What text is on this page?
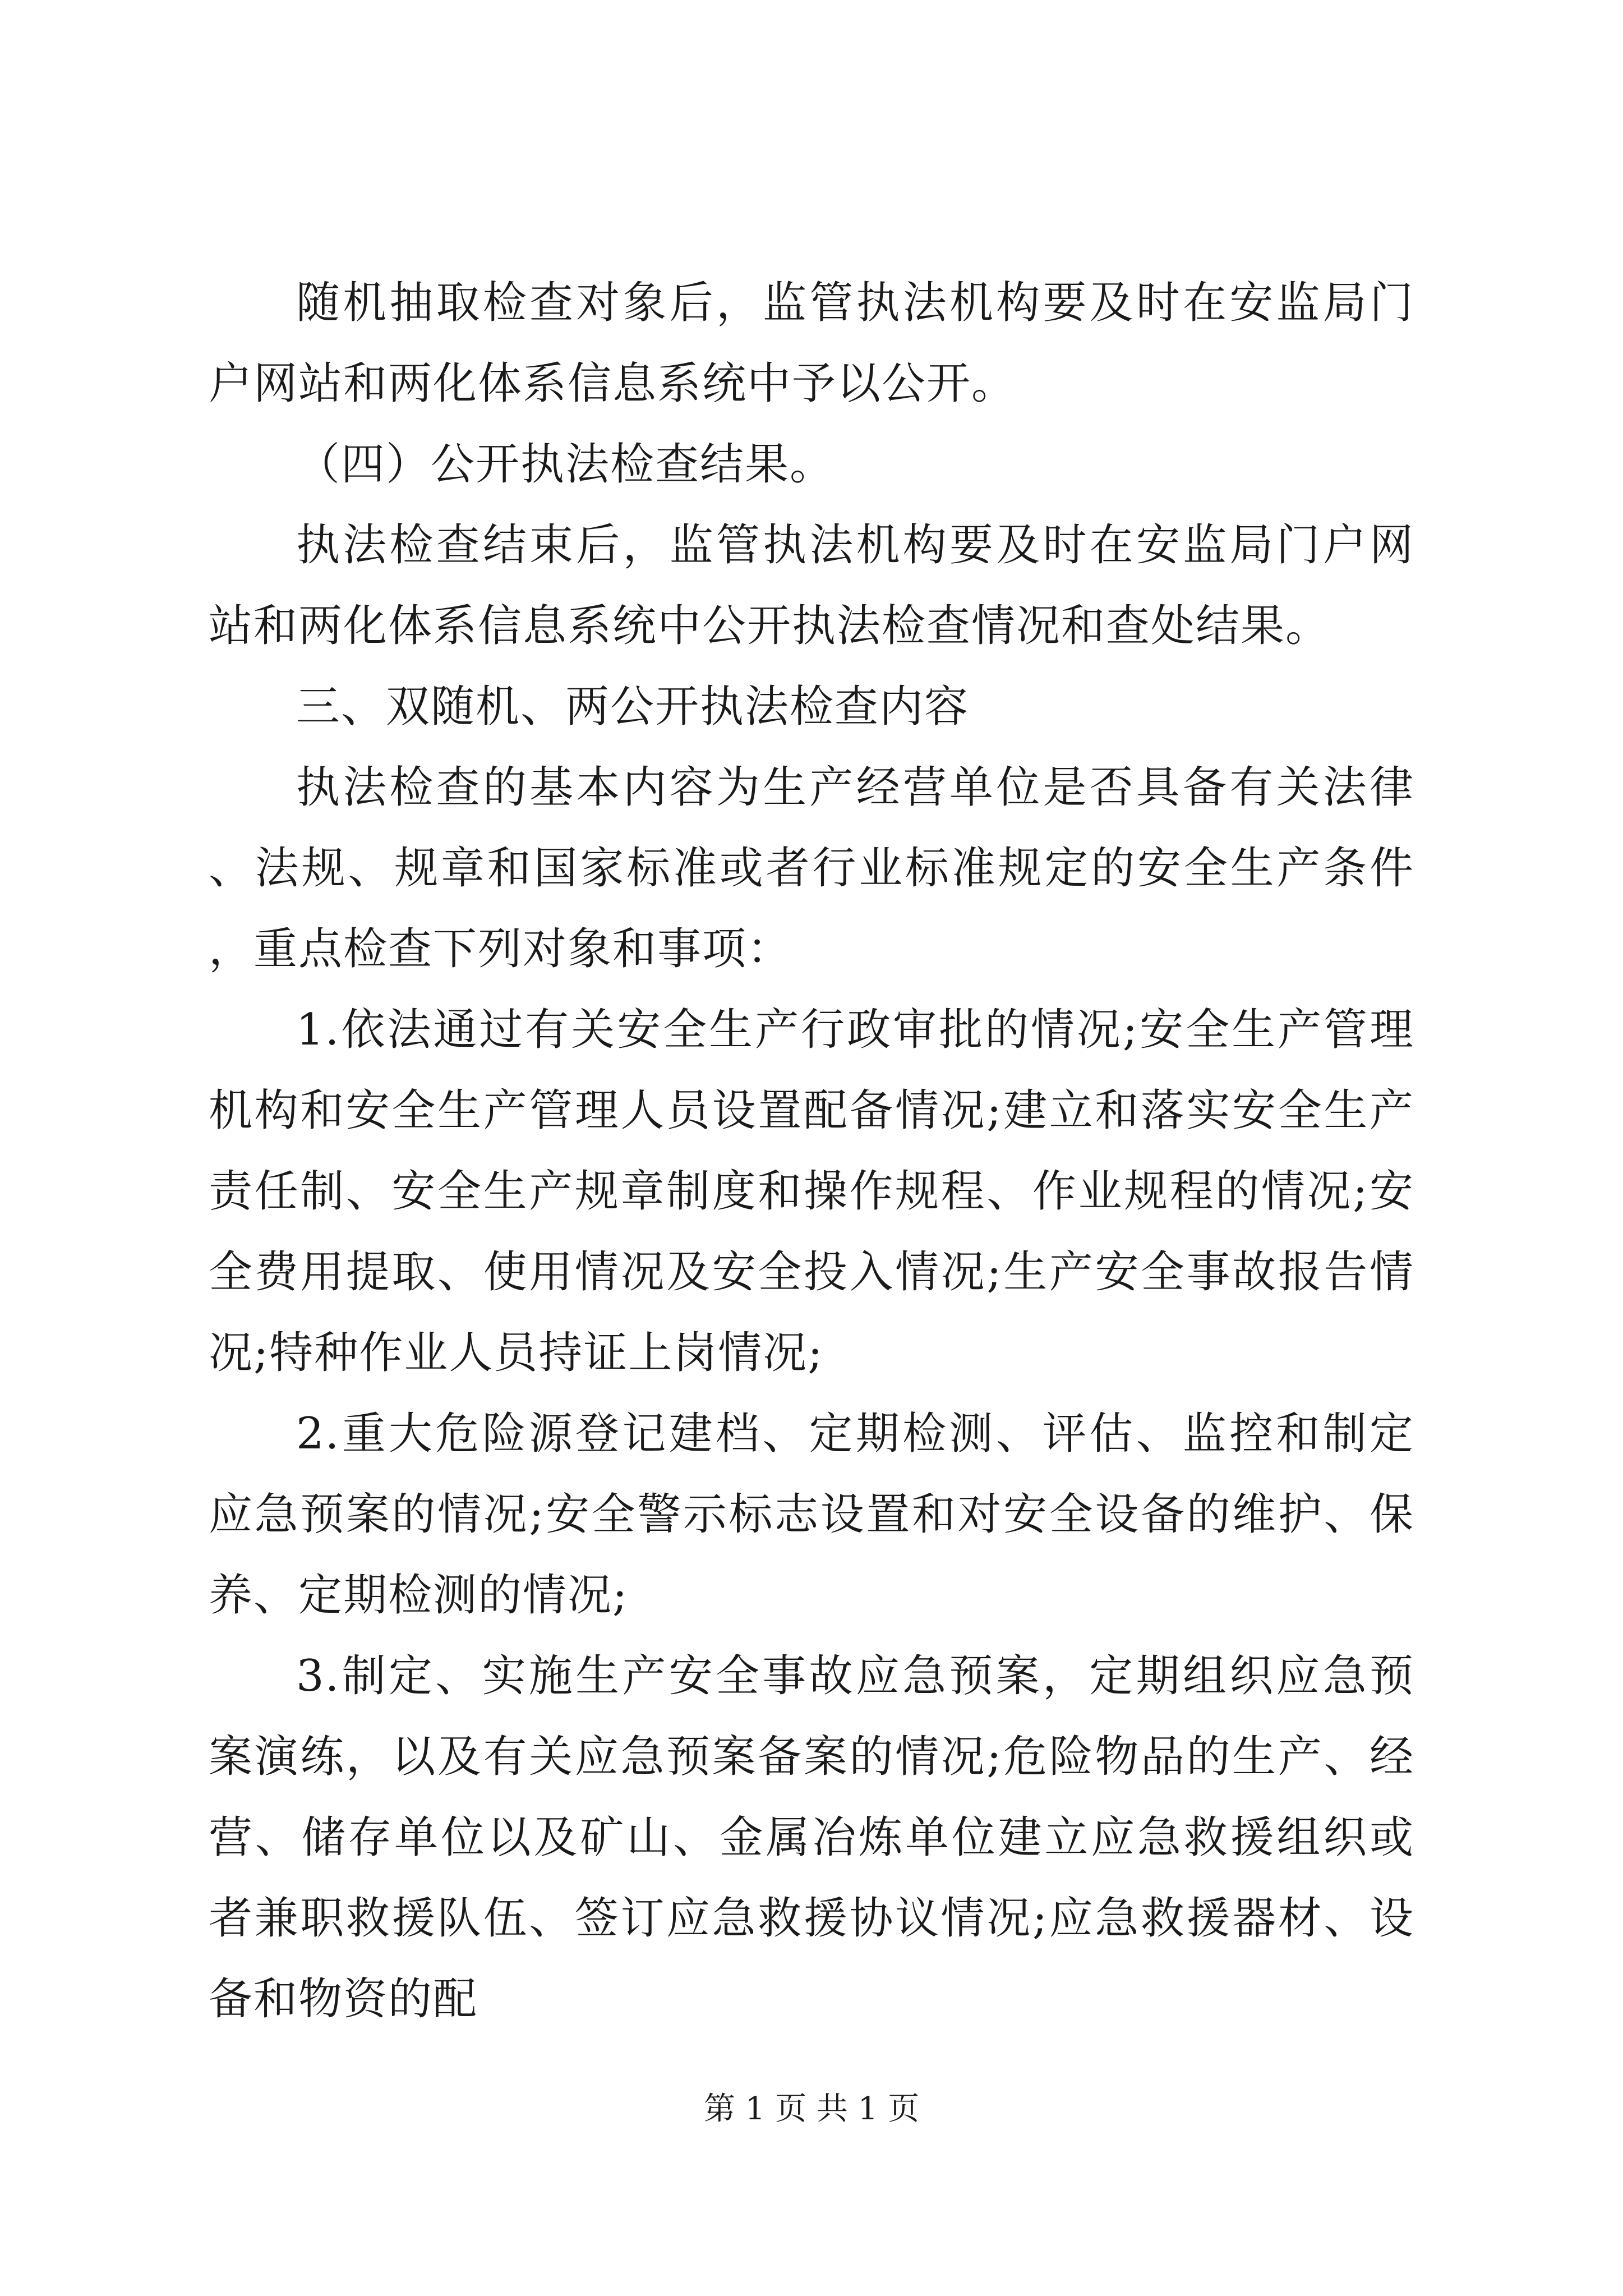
随机抽取检查对象后，监管执法机构要及时在安监局门户网站和两化体系信息系统中予以公开。

（四）公开执法检查结果。

执法检查结束后，监管执法机构要及时在安监局门户网站和两化体系信息系统中公开执法检查情况和查处结果。

三、双随机、两公开执法检查内容

执法检查的基本内容为生产经营单位是否具备有关法律、法规、规章和国家标准或者行业标准规定的安全生产条件，重点检查下列对象和事项：

1.依法通过有关安全生产行政审批的情况;安全生产管理机构和安全生产管理人员设置配备情况;建立和落实安全生产责任制、安全生产规章制度和操作规程、作业规程的情况;安全费用提取、使用情况及安全投入情况;生产安全事故报告情况;特种作业人员持证上岗情况;

2.重大危险源登记建档、定期检测、评估、监控和制定应急预案的情况;安全警示标志设置和对安全设备的维护、保养、定期检测的情况;

3.制定、实施生产安全事故应急预案，定期组织应急预案演练，以及有关应急预案备案的情况;危险物品的生产、经营、储存单位以及矿山、金属冶炼单位建立应急救援组织或者兼职救援队伍、签订应急救援协议情况;应急救援器材、设备和物资的配

第 1 页 共 1 页
